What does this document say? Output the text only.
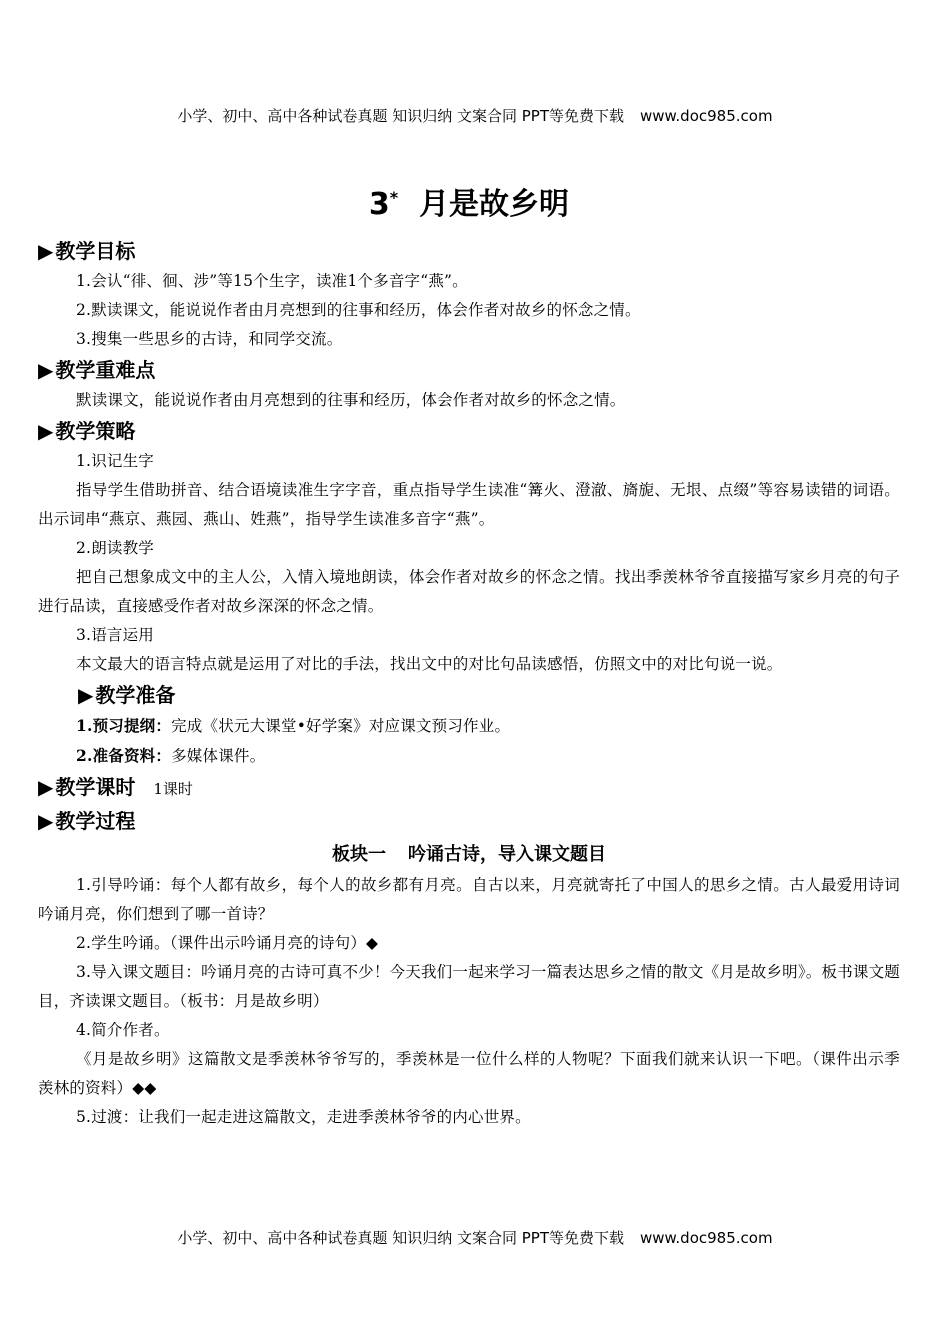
小学、初中、高中各种试卷真题 知识归纳 文案合同 PPT等免费下载 www.doc985.com
3* 月是故乡明
▶ 教学目标

1.会认“徘、徊、涉”等15个生字，读准1个多音字“燕”。

2.默读课文，能说说作者由月亮想到的往事和经历，体会作者对故乡的怀念之情。

3.搜集一些思乡的古诗，和同学交流。

▶ 教学重难点

默读课文，能说说作者由月亮想到的往事和经历，体会作者对故乡的怀念之情。

▶ 教学策略

1.识记生字

指导学生借助拼音、结合语境读准生字字音，重点指导学生读准“篝火、澄澈、旖旎、无垠、点缀”等容易读错的词语。出示词串“燕京、燕园、燕山、姓燕”，指导学生读准多音字“燕”。

2.朗读教学

把自己想象成文中的主人公，入情入境地朗读，体会作者对故乡的怀念之情。找出季羡林爷爷直接描写家乡月亮的句子进行品读，直接感受作者对故乡深深的怀念之情。

3.语言运用

本文最大的语言特点就是运用了对比的手法，找出文中的对比句品读感悟，仿照文中的对比句说一说。

▶ 教学准备

1.预习提纲：完成《状元大课堂•好学案》对应课文预习作业。

2.准备资料：多媒体课件。

▶ 教学课时 1课时
▶ 教学过程
板块一 吟诵古诗，导入课文题目

1.引导吟诵：每个人都有故乡，每个人的故乡都有月亮。自古以来，月亮就寄托了中国人的思乡之情。古人最爱用诗词吟诵月亮，你们想到了哪一首诗？

2.学生吟诵。（课件出示吟诵月亮的诗句）◆

3.导入课文题目：吟诵月亮的古诗可真不少！今天我们一起来学习一篇表达思乡之情的散文《月是故乡明》。板书课文题目，齐读课文题目。（板书：月是故乡明）

4.简介作者。

《月是故乡明》这篇散文是季羡林爷爷写的，季羡林是一位什么样的人物呢？下面我们就来认识一下吧。（课件出示季羡林的资料）◆◆

5.过渡：让我们一起走进这篇散文，走进季羡林爷爷的内心世界。

小学、初中、高中各种试卷真题 知识归纳 文案合同 PPT等免费下载 www.doc985.com
